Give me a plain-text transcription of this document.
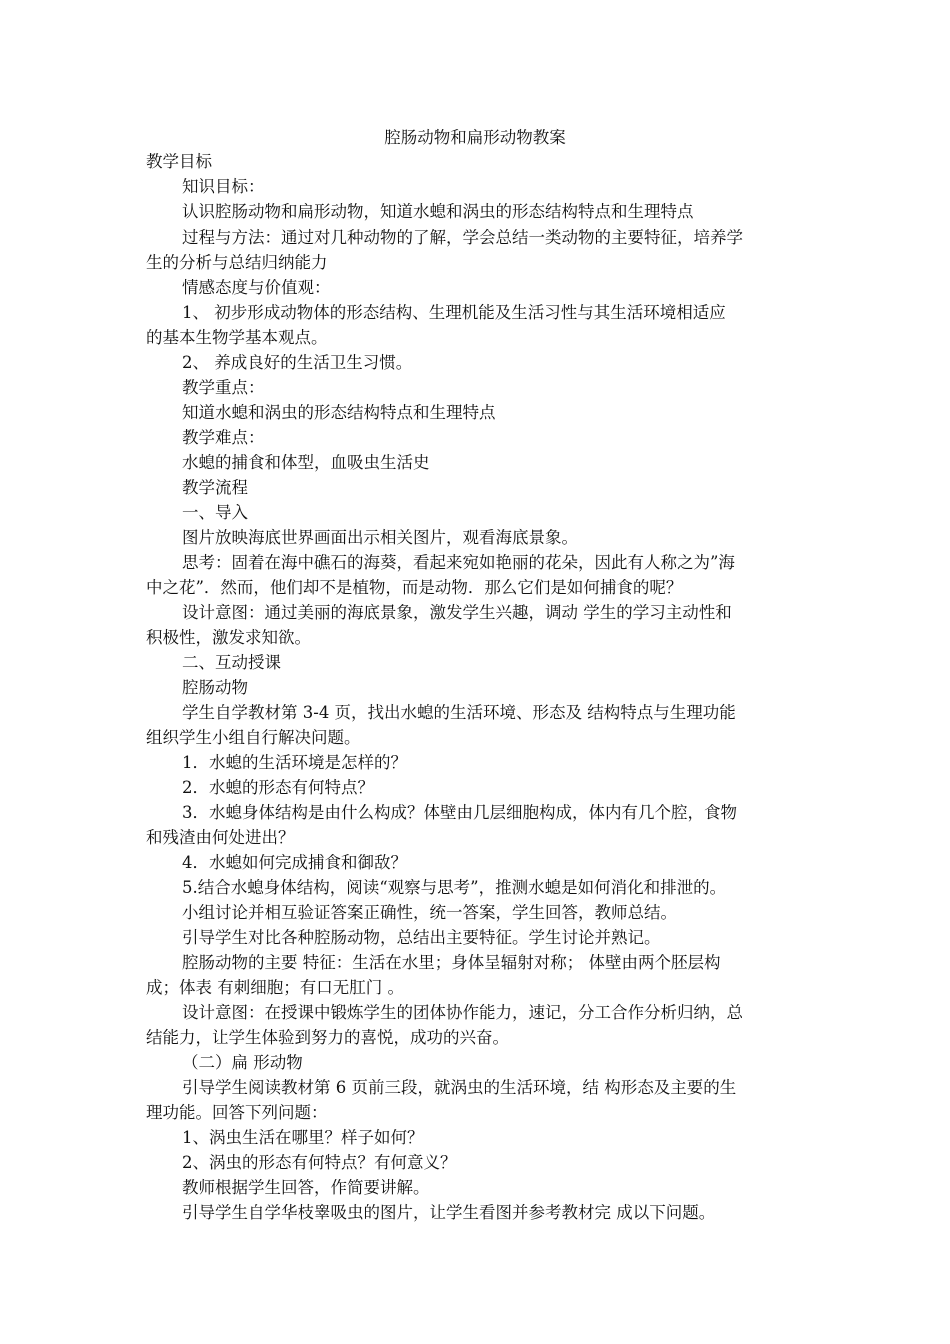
腔肠动物和扁形动物教案
教学目标
知识目标：
认识腔肠动物和扁形动物，知道水螅和涡虫的形态结构特点和生理特点
过程与方法：通过对几种动物的了解，学会总结一类动物的主要特征，培养学
生的分析与总结归纳能力
情感态度与价值观：
1、 初步形成动物体的形态结构、生理机能及生活习性与其生活环境相适应
的基本生物学基本观点。
2、 养成良好的生活卫生习惯。
教学重点：
知道水螅和涡虫的形态结构特点和生理特点
教学难点：
水螅的捕食和体型，血吸虫生活史
教学流程
一、导入
图片放映海底世界画面出示相关图片，观看海底景象。
思考：固着在海中礁石的海葵，看起来宛如艳丽的花朵，因此有人称之为”海
中之花”．然而，他们却不是植物，而是动物．那么它们是如何捕食的呢？
设计意图：通过美丽的海底景象，激发学生兴趣，调动 学生的学习主动性和
积极性，激发求知欲。
二、互动授课
腔肠动物
学生自学教材第 3-4 页，找出水螅的生活环境、形态及 结构特点与生理功能
组织学生小组自行解决问题。
1．水螅的生活环境是怎样的？
2．水螅的形态有何特点？
3．水螅身体结构是由什么构成？体壁由几层细胞构成，体内有几个腔，食物
和残渣由何处进出？
4．水螅如何完成捕食和御敌？
5.结合水螅身体结构，阅读“观察与思考”，推测水螅是如何消化和排泄的。
小组讨论并相互验证答案正确性，统一答案，学生回答，教师总结。
引导学生对比各种腔肠动物，总结出主要特征。学生讨论并熟记。
腔肠动物的主要 特征：生活在水里；身体呈辐射对称； 体壁由两个胚层构
成；体表 有刺细胞；有口无肛门 。
设计意图：在授课中锻炼学生的团体协作能力，速记，分工合作分析归纳，总
结能力，让学生体验到努力的喜悦，成功的兴奋。
（二）扁 形动物
引导学生阅读教材第 6 页前三段，就涡虫的生活环境，结 构形态及主要的生
理功能。回答下列问题：
1、涡虫生活在哪里？样子如何？
2、涡虫的形态有何特点？有何意义？
教师根据学生回答，作简要讲解。
引导学生自学华枝睾吸虫的图片，让学生看图并参考教材完 成以下问题。
